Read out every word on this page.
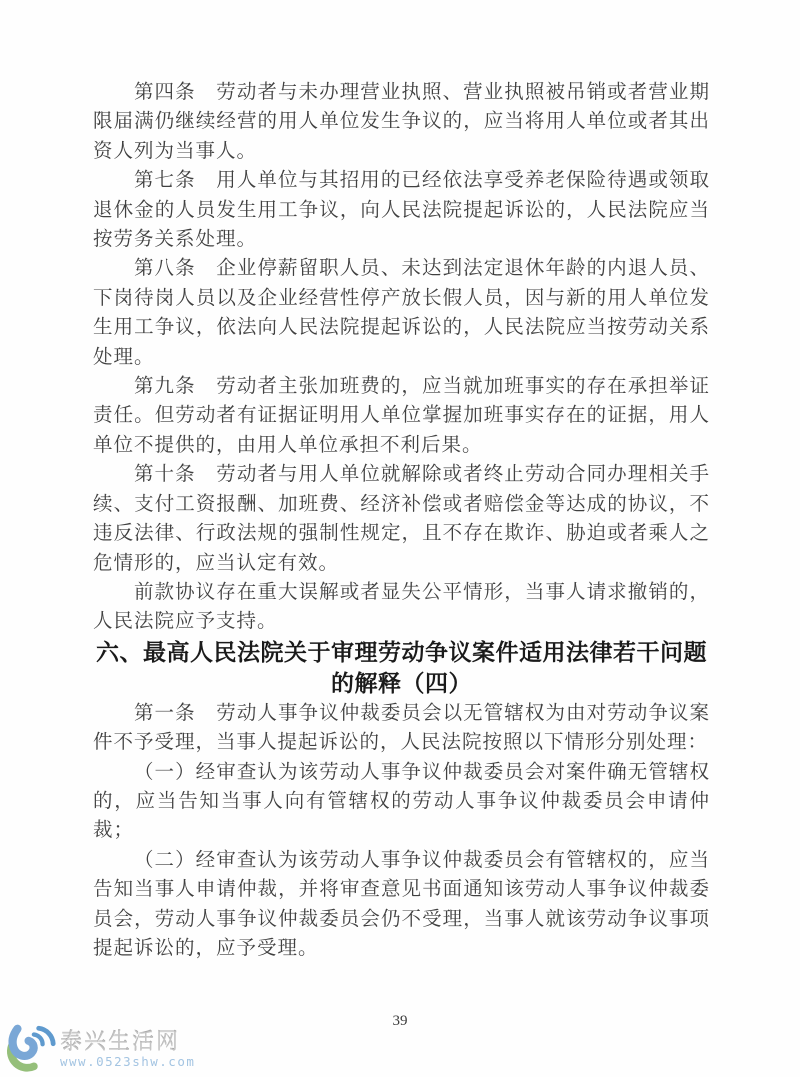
第四条　劳动者与未办理营业执照、营业执照被吊销或者营业期限届满仍继续经营的用人单位发生争议的，应当将用人单位或者其出资人列为当事人。

第七条　用人单位与其招用的已经依法享受养老保险待遇或领取退休金的人员发生用工争议，向人民法院提起诉讼的，人民法院应当按劳务关系处理。

第八条　企业停薪留职人员、未达到法定退休年龄的内退人员、下岗待岗人员以及企业经营性停产放长假人员，因与新的用人单位发生用工争议，依法向人民法院提起诉讼的，人民法院应当按劳动关系处理。

第九条　劳动者主张加班费的，应当就加班事实的存在承担举证责任。但劳动者有证据证明用人单位掌握加班事实存在的证据，用人单位不提供的，由用人单位承担不利后果。

第十条　劳动者与用人单位就解除或者终止劳动合同办理相关手续、支付工资报酬、加班费、经济补偿或者赔偿金等达成的协议，不违反法律、行政法规的强制性规定，且不存在欺诈、胁迫或者乘人之危情形的，应当认定有效。

前款协议存在重大误解或者显失公平情形，当事人请求撤销的，人民法院应予支持。

六、最高人民法院关于审理劳动争议案件适用法律若干问题的解释（四）

第一条　劳动人事争议仲裁委员会以无管辖权为由对劳动争议案件不予受理，当事人提起诉讼的，人民法院按照以下情形分别处理：

（一）经审查认为该劳动人事争议仲裁委员会对案件确无管辖权的，应当告知当事人向有管辖权的劳动人事争议仲裁委员会申请仲裁；

（二）经审查认为该劳动人事争议仲裁委员会有管辖权的，应当告知当事人申请仲裁，并将审查意见书面通知该劳动人事争议仲裁委员会，劳动人事争议仲裁委员会仍不受理，当事人就该劳动争议事项提起诉讼的，应予受理。

39
泰兴生活网
www.0523shw.com
